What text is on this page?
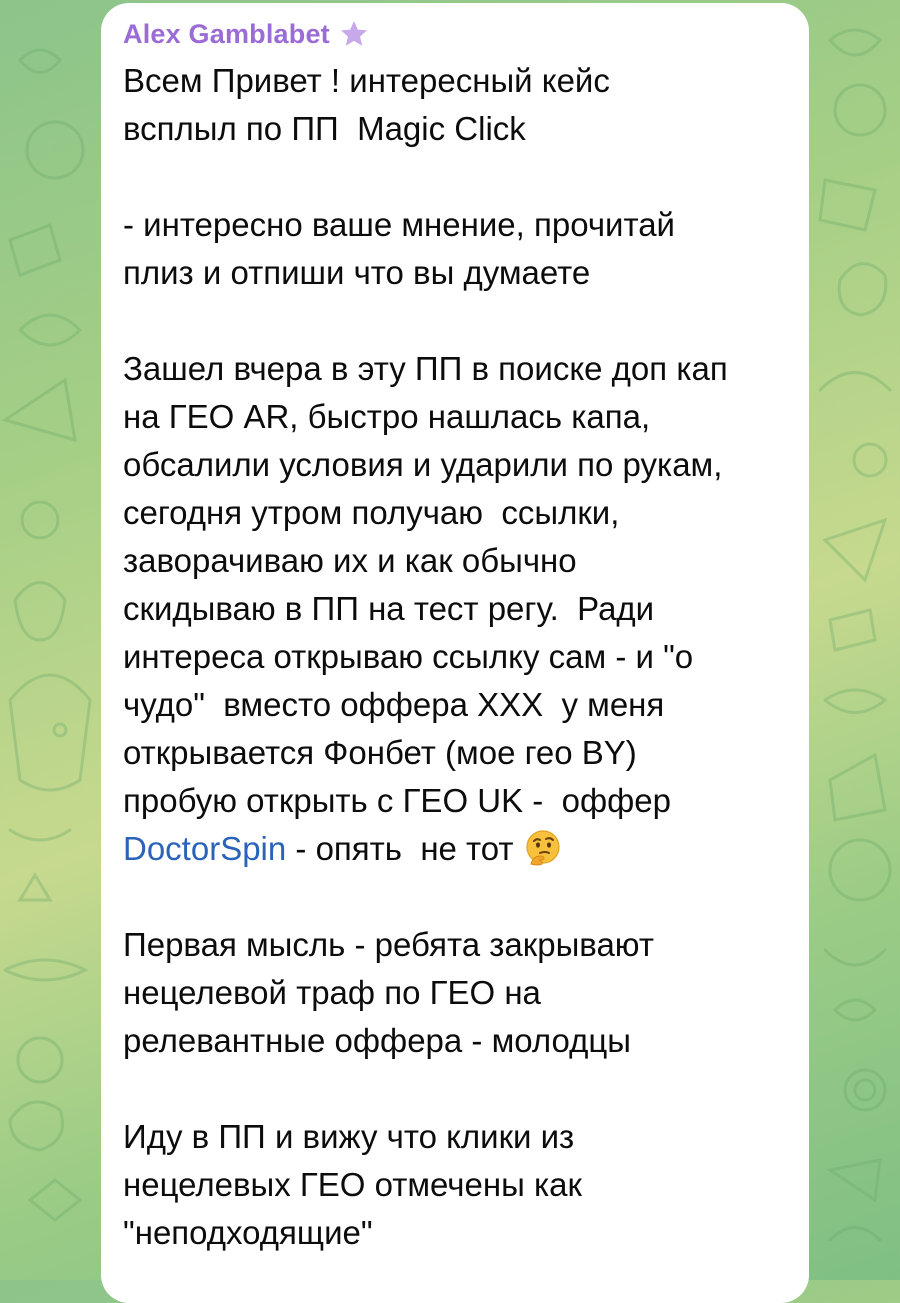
Alex Gamblabet
Всем Привет ! интересный кейс
всплыл по ПП  Magic Click

- интересно ваше мнение, прочитай
плиз и отпиши что вы думаете

Зашел вчера в эту ПП в поиске доп кап
на ГЕО AR, быстро нашлась капа,
обсалили условия и ударили по рукам,
сегодня утром получаю  ссылки,
заворачиваю их и как обычно
скидываю в ПП на тест регу.  Ради
интереса открываю ссылку сам - и "о
чудо"  вместо оффера XXX  у меня
открывается Фонбет (мое гео BY)
пробую открыть с ГЕО UK -  оффер
DoctorSpin - опять  не тот

Первая мысль - ребята закрывают
нецелевой траф по ГЕО на
релевантные оффера - молодцы

Иду в ПП и вижу что клики из
нецелевых ГЕО отмечены как
"неподходящие"
